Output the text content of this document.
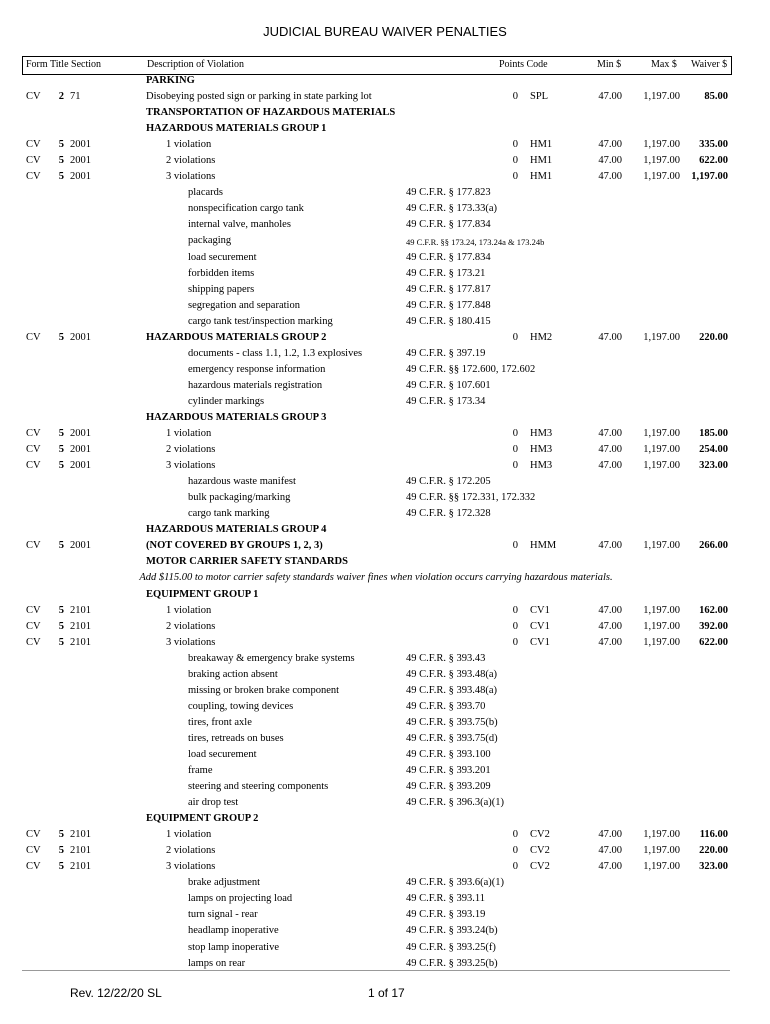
JUDICIAL BUREAU WAIVER PENALTIES
Form Title Section	Description of Violation	Points Code	Min $	Max $ Waiver $
PARKING
CV 2 71	Disobeying posted sign or parking in state parking lot	0 SPL	47.00	1,197.00	85.00
TRANSPORTATION OF HAZARDOUS MATERIALS
HAZARDOUS MATERIALS GROUP 1
CV 5 2001	1 violation	0 HM1	47.00	1,197.00	335.00
CV 5 2001	2 violations	0 HM1	47.00	1,197.00	622.00
CV 5 2001	3 violations	0 HM1	47.00	1,197.00	1,197.00
placards	49 C.F.R. § 177.823
nonspecification cargo tank	49 C.F.R. § 173.33(a)
internal valve, manholes	49 C.F.R. § 177.834
packaging	49 C.F.R. §§ 173.24, 173.24a & 173.24b
load securement	49 C.F.R. § 177.834
forbidden items	49 C.F.R. § 173.21
shipping papers	49 C.F.R. § 177.817
segregation and separation	49 C.F.R. § 177.848
cargo tank test/inspection marking	49 C.F.R. § 180.415
CV 5 2001	HAZARDOUS MATERIALS GROUP 2	0 HM2	47.00	1,197.00	220.00
documents - class 1.1, 1.2, 1.3 explosives	49 C.F.R. § 397.19
emergency response information	49 C.F.R. §§ 172.600, 172.602
hazardous materials registration	49 C.F.R. § 107.601
cylinder markings	49 C.F.R. § 173.34
HAZARDOUS MATERIALS GROUP 3
CV 5 2001	1 violation	0 HM3	47.00	1,197.00	185.00
CV 5 2001	2 violations	0 HM3	47.00	1,197.00	254.00
CV 5 2001	3 violations	0 HM3	47.00	1,197.00	323.00
hazardous waste manifest	49 C.F.R. § 172.205
bulk packaging/marking	49 C.F.R. §§ 172.331, 172.332
cargo tank marking	49 C.F.R. § 172.328
HAZARDOUS MATERIALS GROUP 4
CV 5 2001	(NOT COVERED BY GROUPS 1, 2, 3)	0 HMM	47.00	1,197.00	266.00
MOTOR CARRIER SAFETY STANDARDS
Add $115.00 to motor carrier safety standards waiver fines when violation occurs carrying hazardous materials.
EQUIPMENT GROUP 1
CV 5 2101	1 violation	0 CV1	47.00	1,197.00	162.00
CV 5 2101	2 violations	0 CV1	47.00	1,197.00	392.00
CV 5 2101	3 violations	0 CV1	47.00	1,197.00	622.00
breakaway & emergency brake systems	49 C.F.R. § 393.43
braking action absent	49 C.F.R. § 393.48(a)
missing or broken brake component	49 C.F.R. § 393.48(a)
coupling, towing devices	49 C.F.R. § 393.70
tires, front axle	49 C.F.R. § 393.75(b)
tires, retreads on buses	49 C.F.R. § 393.75(d)
load securement	49 C.F.R. § 393.100
frame	49 C.F.R. § 393.201
steering and steering components	49 C.F.R. § 393.209
air drop test	49 C.F.R. § 396.3(a)(1)
EQUIPMENT GROUP 2
CV 5 2101	1 violation	0 CV2	47.00	1,197.00	116.00
CV 5 2101	2 violations	0 CV2	47.00	1,197.00	220.00
CV 5 2101	3 violations	0 CV2	47.00	1,197.00	323.00
brake adjustment	49 C.F.R. § 393.6(a)(1)
lamps on projecting load	49 C.F.R. § 393.11
turn signal - rear	49 C.F.R. § 393.19
headlamp inoperative	49 C.F.R. § 393.24(b)
stop lamp inoperative	49 C.F.R. § 393.25(f)
lamps on rear	49 C.F.R. § 393.25(b)
Rev. 12/22/20 SL	1 of 17
